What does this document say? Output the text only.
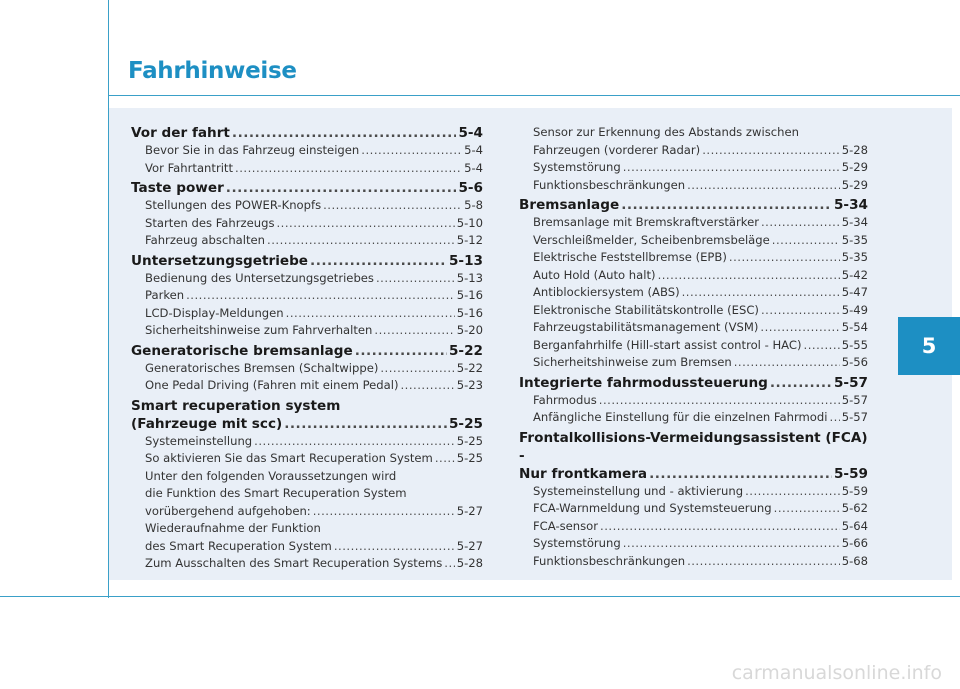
Fahrhinweise
5
Vor der fahrt .....	5-4
Bevor Sie in das Fahrzeug einsteigen .....	5-4
Vor Fahrtantritt .....	5-4
Taste power .....	5-6
Stellungen des POWER-Knopfs .....	5-8
Starten des Fahrzeugs .....	5-10
Fahrzeug abschalten .....	5-12
Untersetzungsgetriebe .....	5-13
Bedienung des Untersetzungsgetriebes .....	5-13
Parken .....	5-16
LCD-Display-Meldungen .....	5-16
Sicherheitshinweise zum Fahrverhalten .....	5-20
Generatorische bremsanlage .....	5-22
Generatorisches Bremsen (Schaltwippe) .....	5-22
One Pedal Driving (Fahren mit einem Pedal) .....	5-23
Smart recuperation system
(Fahrzeuge mit scc) .....	5-25
Systemeinstellung .....	5-25
So aktivieren Sie das Smart Recuperation System ..... 5-25
Unter den folgenden Voraussetzungen wird
die Funktion des Smart Recuperation System
vorübergehend aufgehoben: .....	5-27
Wiederaufnahme der Funktion
des Smart Recuperation System .....	5-27
Zum Ausschalten des Smart Recuperation Systems ..... 5-28
Sensor zur Erkennung des Abstands zwischen
Fahrzeugen (vorderer Radar) .....	5-28
Systemstörung .....	5-29
Funktionsbeschränkungen .....	5-29
Bremsanlage .....	5-34
Bremsanlage mit Bremskraftverstärker .....	5-34
Verschleißmelder, Scheibenbremsbeläge .....	5-35
Elektrische Feststellbremse (EPB) .....	5-35
Auto Hold (Auto halt) .....	5-42
Antiblockiersystem (ABS) .....	5-47
Elektronische Stabilitätskontrolle (ESC) .....	5-49
Fahrzeugstabilitätsmanagement (VSM) .....	5-54
Berganfahrhilfe (Hill-start assist control - HAC) .....	5-55
Sicherheitshinweise zum Bremsen .....	5-56
Integrierte fahrmodussteuerung .....	5-57
Fahrmodus .....	5-57
Anfängliche Einstellung für die einzelnen Fahrmodi ..... 5-57
Frontalkollisions-Vermeidungsassistent (FCA) -
Nur frontkamera .....	5-59
Systemeinstellung und - aktivierung .....	5-59
FCA-Warnmeldung und Systemsteuerung .....	5-62
FCA-sensor .....	5-64
Systemstörung .....	5-66
Funktionsbeschränkungen .....	5-68
carmanualsonline.info
